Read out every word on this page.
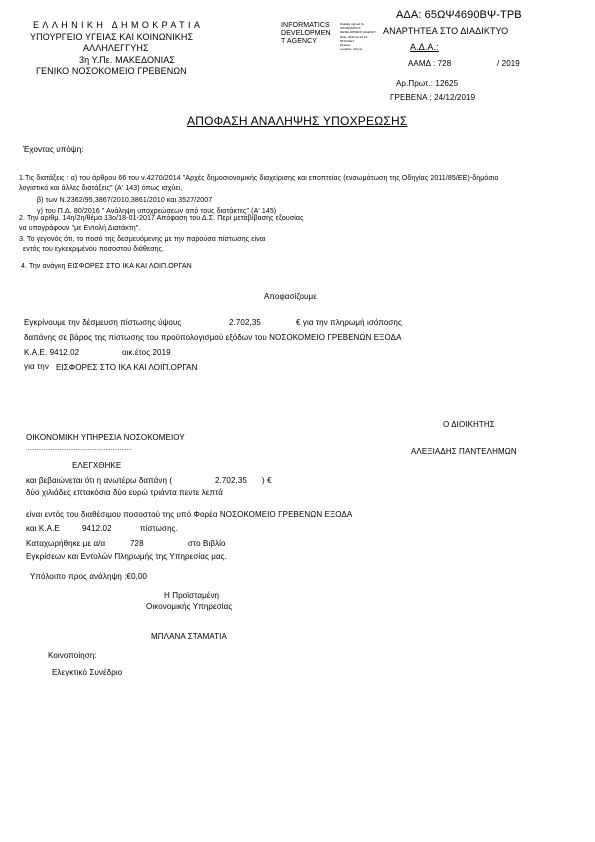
ΕΛΛΗΝΙΚΗ ΔΗΜΟΚΡΑΤΙΑ
ΥΠΟΥΡΓΕΙΟ ΥΓΕΙΑΣ ΚΑΙ ΚΟΙΝΩΝΙΚΗΣ
ΑΛΛΗΛΕΓΓΥΗΣ
3η Υ.Πε. ΜΑΚΕΔΟΝΙΑΣ
ΓΕΝΙΚΟ ΝΟΣΟΚΟΜΕΙΟ ΓΡΕΒΕΝΩΝ
INFORMATICS
DEVELOPMEN
T AGENCY
Digitally signed by
INFORMATICS
DEVELOPMENT AGENCY
Date: 2019.12.24 13:
55:53 EET
Reason:
Location: Athens
ΑΔΑ: 65ΩΨ4690ΒΨ-ΤΡΒ
ΑΝΑΡΤΗΤΕΑ ΣΤΟ ΔΙΑΔΙΚΤΥΟ
Α.Δ.Α.:
ΑΑΜΔ : 728	/ 2019
Αρ.Πρωτ.: 12625
ΓΡΕΒΕΝΑ : 24/12/2019
ΑΠΟΦΑΣΗ ΑΝΑΛΗΨΗΣ ΥΠΟΧΡΕΩΣΗΣ
Έχοντας υπόψη:
1.Τις διατάξεις : α) του άρθρου 66 του ν.4270/2014 "Αρχές δημοσιονομικής διαχείρισης και εποπτείας (ενσωμάτωση της Οδηγίας 2011/85/ΕΕ)-δημόσιο
λογιστικό και άλλες διατάξεις" (Α' 143) όπως ισχύει,
β) των Ν.2362/95,3867/2010,3861/2010 και 3527/2007
γ) του Π.Δ. 80/2016 " Ανάληψη υποχρεώσεων από τους διατάκτες" (Α' 145)
2. Την αριθμ. 14η/2η/θέμα 13ο/18-01-2017 Απόφαση του Δ.Σ. Περί μεταβίβασης εξουσίας
να υπογράφουν "με Εντολή Διατάκτη".
3. Το γεγονός ότι, το ποσό της δεσμευόμενης με την παρούσα πίστωσης είναι
εντός του εγκεκριμένου ποσοστού διάθεσης.
4. Την ανάγκη ΕΙΣΦΟΡΕΣ ΣΤΟ ΙΚΑ ΚΑΙ ΛΟΙΠ.ΟΡΓΑΝ
Αποφασίζουμε
Εγκρίνουμε την δέσμευση πίστωσης ύψους	2.702,35	€ για την πληρωμή ισόποσης
δαπάνης σε βάρος της πίστωσης του προϋπολογισμού εξόδων του ΝΟΣΟΚΟΜΕΙΟ ΓΡΕΒΕΝΩΝ ΕΞΟΔΑ
Κ.Α.Ε. 9412.02	οικ.έτος 2019
για την ΕΙΣΦΟΡΕΣ ΣΤΟ ΙΚΑ ΚΑΙ ΛΟΙΠ.ΟΡΓΑΝ
Ο ΔΙΟΙΚΗΤΗΣ
ΟΙΚΟΝΟΜΙΚΗ ΥΠΗΡΕΣΙΑ ΝΟΣΟΚΟΜΕΙΟΥ
............................................................	ΑΛΕΞΙΑΔΗΣ ΠΑΝΤΕΛΗΜΩΝ
ΕΛΕΓΧΘΗΚΕ
και βεβαιώνεται ότι η ανωτέρω δαπάνη (	2.702,35 ) €
δύο χιλιάδες επτακόσια δύο ευρώ τριάντα πεντε λεπτά
είναι εντός του διαθέσιμου ποσοστού της υπό Φορέα ΝΟΣΟΚΟΜΕΙΟ ΓΡΕΒΕΝΩΝ ΕΞΟΔΑ
και Κ.Α.Ε	9412.02	πίστωσης.
Καταχωρήθηκε με α/α	728	στο Βιβλίο
Εγκρίσεων και Εντολών Πληρωμής της Υπηρεσίας μας.
Υπόλοιπο προς ανάληψη :€0,00
Η Προϊσταμένη
Οικονομικής Υπηρεσίας
ΜΠΛΑΝΑ ΣΤΑΜΑΤΙΑ
Κοινοποίηση:
Ελεγκτικό Συνέδριο
